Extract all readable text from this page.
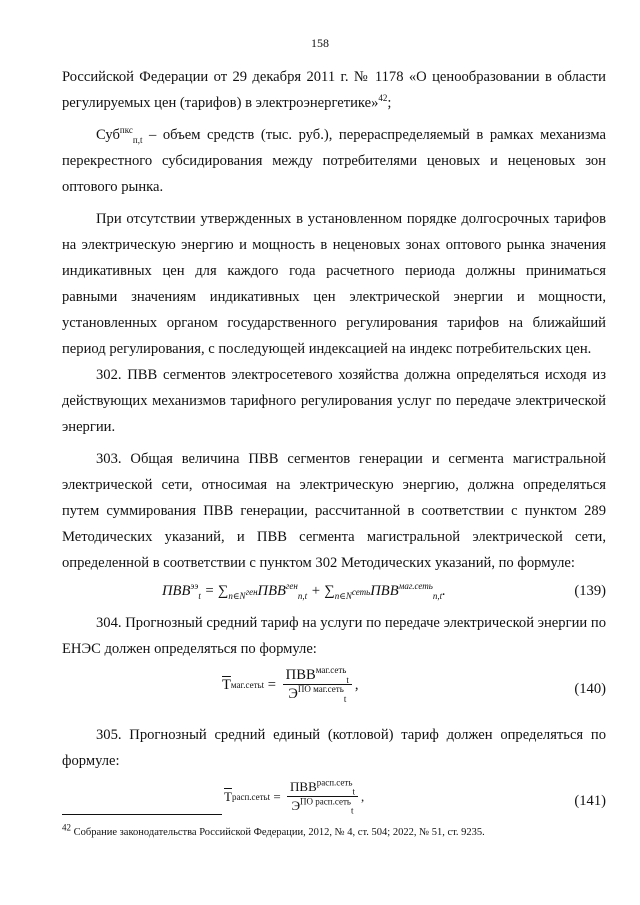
158

Российской Федерации от 29 декабря 2011 г. № 1178 «О ценообразовании в области регулируемых цен (тарифов) в электроэнергетике»$^{42}$;

Суб$^{пкс}_{п,t}$ – объем средств (тыс. руб.), перераспределяемый в рамках механизма перекрестного субсидирования между потребителями ценовых и неценовых зон оптового рынка.

При отсутствии утвержденных в установленном порядке долгосрочных тарифов на электрическую энергию и мощность в неценовых зонах оптового рынка значения индикативных цен для каждого года расчетного периода должны приниматься равными значениям индикативных цен электрической энергии и мощности, установленных органом государственного регулирования тарифов на ближайший период регулирования, с последующей индексацией на индекс потребительских цен.

302. ПВВ сегментов электросетевого хозяйства должна определяться исходя из действующих механизмов тарифного регулирования услуг по передаче электрической энергии.

303. Общая величина ПВВ сегментов генерации и сегмента магистральной электрической сети, относимая на электрическую энергию, должна определяться путем суммирования ПВВ генерации, рассчитанной в соответствии с пунктом 289 Методических указаний, и ПВВ сегмента магистральной электрической сети, определенной в соответствии с пунктом 302 Методических указаний, по формуле:

$ПВВ^{ээ}_t = \sum_{n\in N^{ген}}ПВВ^{ген}_{n,t} + \sum_{n\in N^{сеть}}ПВВ^{маг.сеть}_{n,t}$.	(139)

304. Прогнозный средний тариф на услуги по передаче электрической энергии по ЕНЭС должен определяться по формуле:

$\overline{T}$ маг.сеть $t = \frac{ПВВ^{маг.сеть}_t}{Э^{ПО маг.сеть}_t}$ ,	(140)

305. Прогнозный средний единый (котловой) тариф должен определяться по формуле:

$\overline{T}$ расп.сеть $t = \frac{ПВВ^{расп.сеть}_t}{Э^{ПО расп.сеть}_t}$ ,	(141)
$^{42}$ Собрание законодательства Российской Федерации, 2012, № 4, ст. 504; 2022, № 51, ст. 9235.
